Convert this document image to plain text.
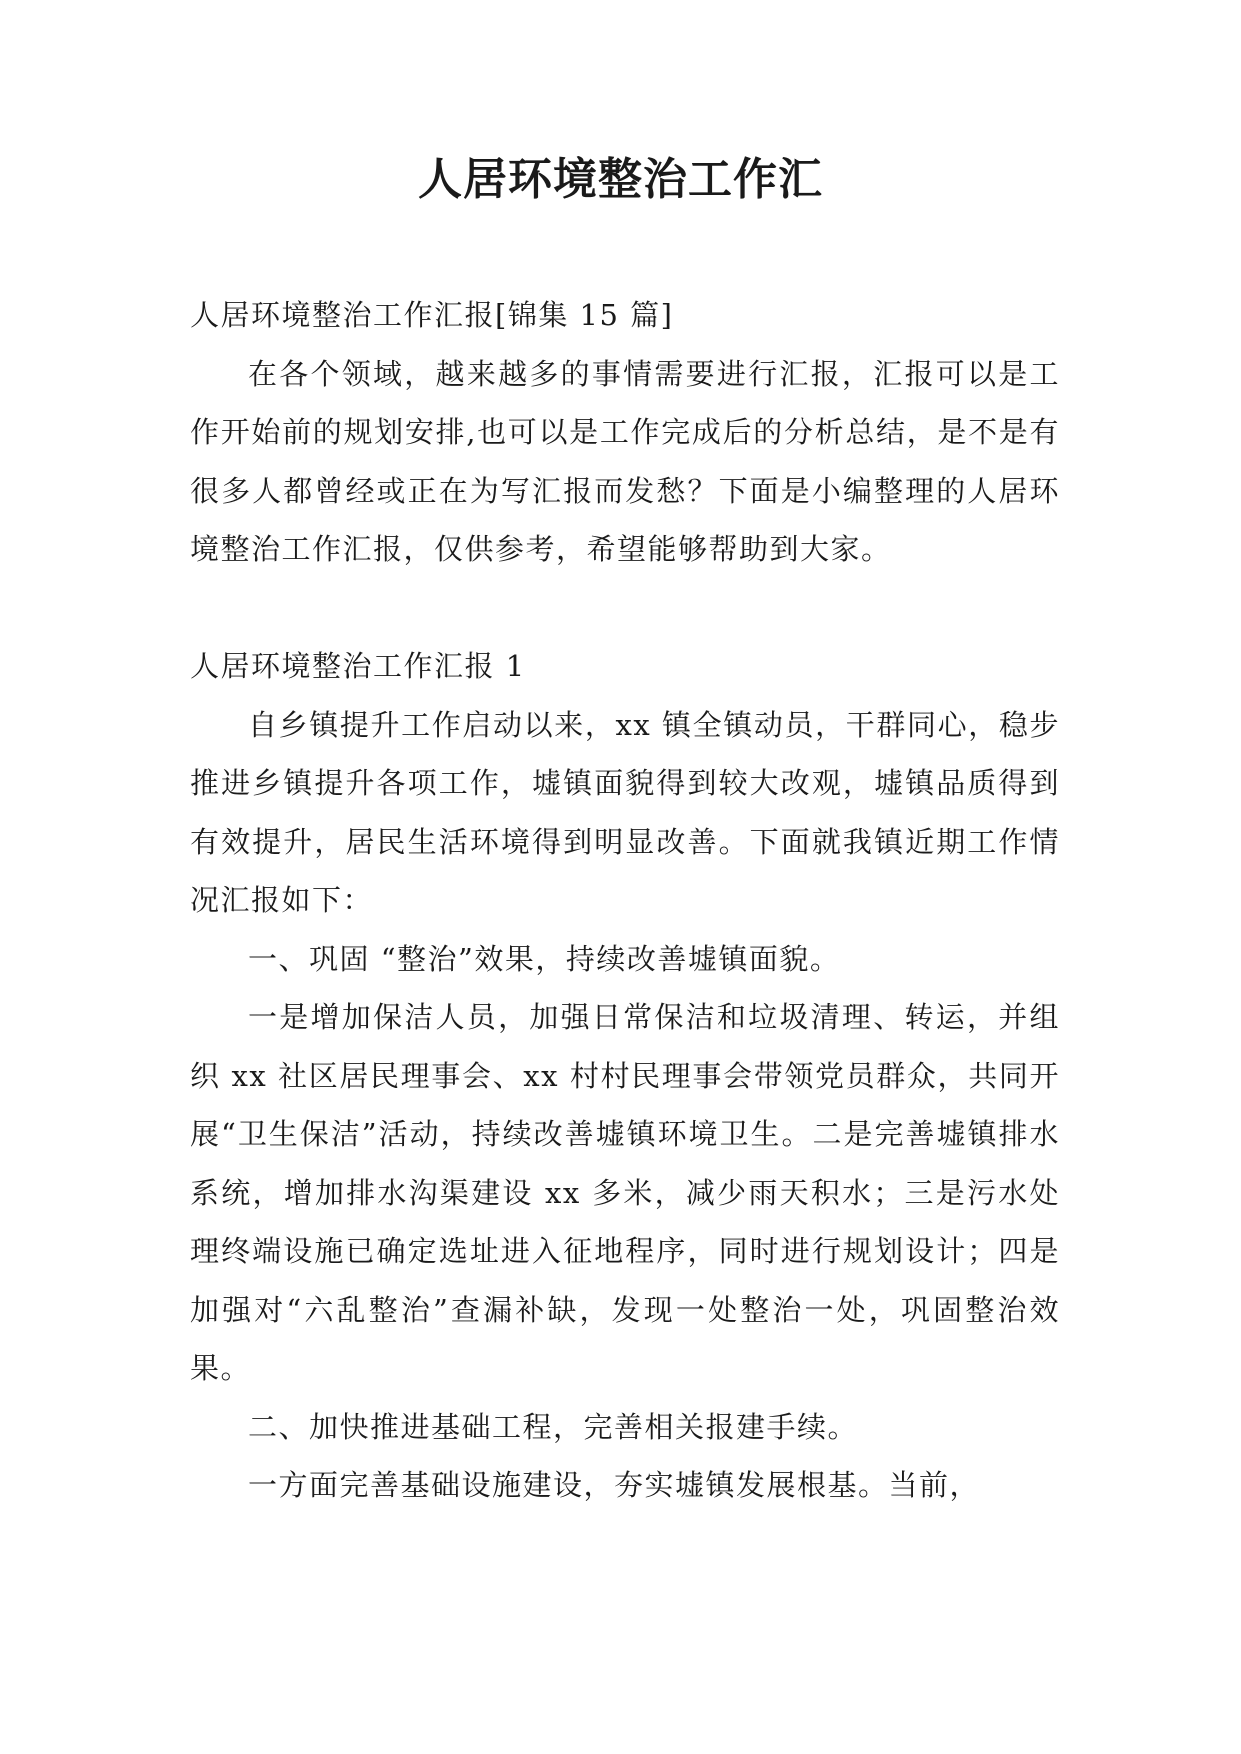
人居环境整治工作汇

人居环境整治工作汇报[锦集 15 篇]

在各个领域，越来越多的事情需要进行汇报，汇报可以是工作开始前的规划安排,也可以是工作完成后的分析总结，是不是有很多人都曾经或正在为写汇报而发愁？下面是小编整理的人居环境整治工作汇报，仅供参考，希望能够帮助到大家。

人居环境整治工作汇报 1

自乡镇提升工作启动以来，xx 镇全镇动员，干群同心，稳步推进乡镇提升各项工作，墟镇面貌得到较大改观，墟镇品质得到有效提升，居民生活环境得到明显改善。下面就我镇近期工作情况汇报如下：

一、巩固 “整治”效果，持续改善墟镇面貌。

一是增加保洁人员，加强日常保洁和垃圾清理、转运，并组织 xx 社区居民理事会、xx 村村民理事会带领党员群众，共同开展“卫生保洁”活动，持续改善墟镇环境卫生。二是完善墟镇排水系统，增加排水沟渠建设 xx 多米，减少雨天积水；三是污水处理终端设施已确定选址进入征地程序，同时进行规划设计；四是加强对“六乱整治”查漏补缺，发现一处整治一处，巩固整治效果。

二、加快推进基础工程，完善相关报建手续。

一方面完善基础设施建设，夯实墟镇发展根基。当前，
